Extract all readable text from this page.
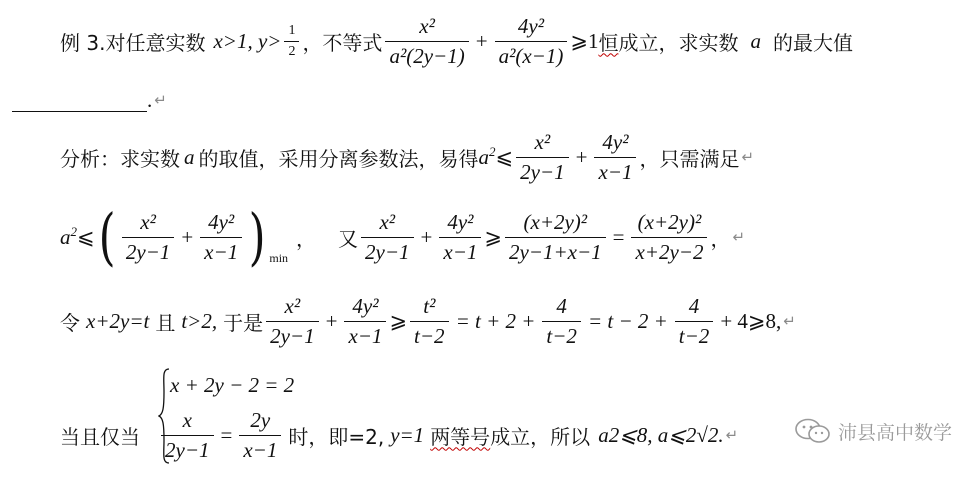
例 3.对任意实数 x>1, $y> \frac{1}{2}$ ，不等式 $\frac{\text{x²}}{\text{a²(2y−1)}} + \frac{\text{4y²}}{\text{a²(x−1)}}$ ⩾1 恒 成立，求实数 a 的最大值
. ↵
分析：求实数 a 的取值，采用分离参数法，易得 $a^2$ ⩽ $\frac{\text{x²}}{2y-1} + \frac{\text{4y²}}{x-1}$ ，只需满足 ↵
$a^2$ ⩽ ( $\frac{\text{x²}}{2y-1} + \frac{\text{4y²}}{x-1}$ ) min
， 又 $\frac{\text{x²}}{2y-1} + \frac{\text{4y²}}{x-1}$ ⩾ $\frac{\text{(x+2y)²}}{2y-1+x-1} = \frac{\text{(x+2y)²}}{x+2y-2}$ ， ↵
令 x+2y=t 且 t>2, 于是 $\frac{\text{x²}}{2y-1} + \frac{\text{4y²}}{x-1}$ ⩾ $\frac{\text{t²}}{t-2} = t + 2 + \frac{4}{t-2} = t - 2 + \frac{4}{t-2}$ + 4⩾8 , ↵
x + 2y − 2 = 2
当且仅当 $\frac{x}{2y-1} = \frac{2y}{x-1}$ 时，即=2, y=1 两等号 成立，所以 a2⩽8, a⩽2√2. ↵	沛县高中数学
